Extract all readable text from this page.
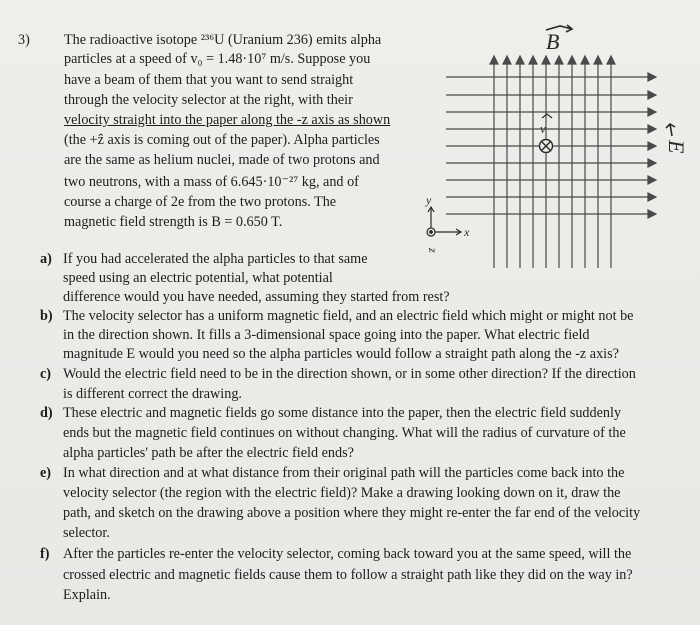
3) The radioactive isotope ²³⁶U (Uranium 236) emits alpha
particles at a speed of v₀ = 1.48·10⁷ m/s. Suppose you
have a beam of them that you want to send straight
through the velocity selector at the right, with their
velocity straight into the paper along the -z axis as shown
(the +ẑ axis is coming out of the paper). Alpha particles
are the same as helium nuclei, made of two protons and
two neutrons, with a mass of 6.645·10⁻²⁷ kg, and of
course a charge of 2e from the two protons. The
magnetic field strength is B = 0.650 T.
a) If you had accelerated the alpha particles to that same
speed using an electric potential, what potential
difference would you have needed, assuming they started from rest?
b) The velocity selector has a uniform magnetic field, and an electric field which might or might not be
in the direction shown. It fills a 3-dimensional space going into the paper. What electric field
magnitude E would you need so the alpha particles would follow a straight path along the -z axis?
c) Would the electric field need to be in the direction shown, or in some other direction? If the direction
is different correct the drawing.
d) These electric and magnetic fields go some distance into the paper, then the electric field suddenly
ends but the magnetic field continues on without changing. What will the radius of curvature of the
alpha particles' path be after the electric field ends?
e) In what direction and at what distance from their original path will the particles come back into the
velocity selector (the region with the electric field)? Make a drawing looking down on it, draw the
path, and sketch on the drawing above a position where they might re-enter the far end of the velocity
selector.
f) After the particles re-enter the velocity selector, coming back toward you at the same speed, will the
crossed electric and magnetic fields cause them to follow a straight path like they did on the way in?
Explain.
B
v
E
y
x
z
